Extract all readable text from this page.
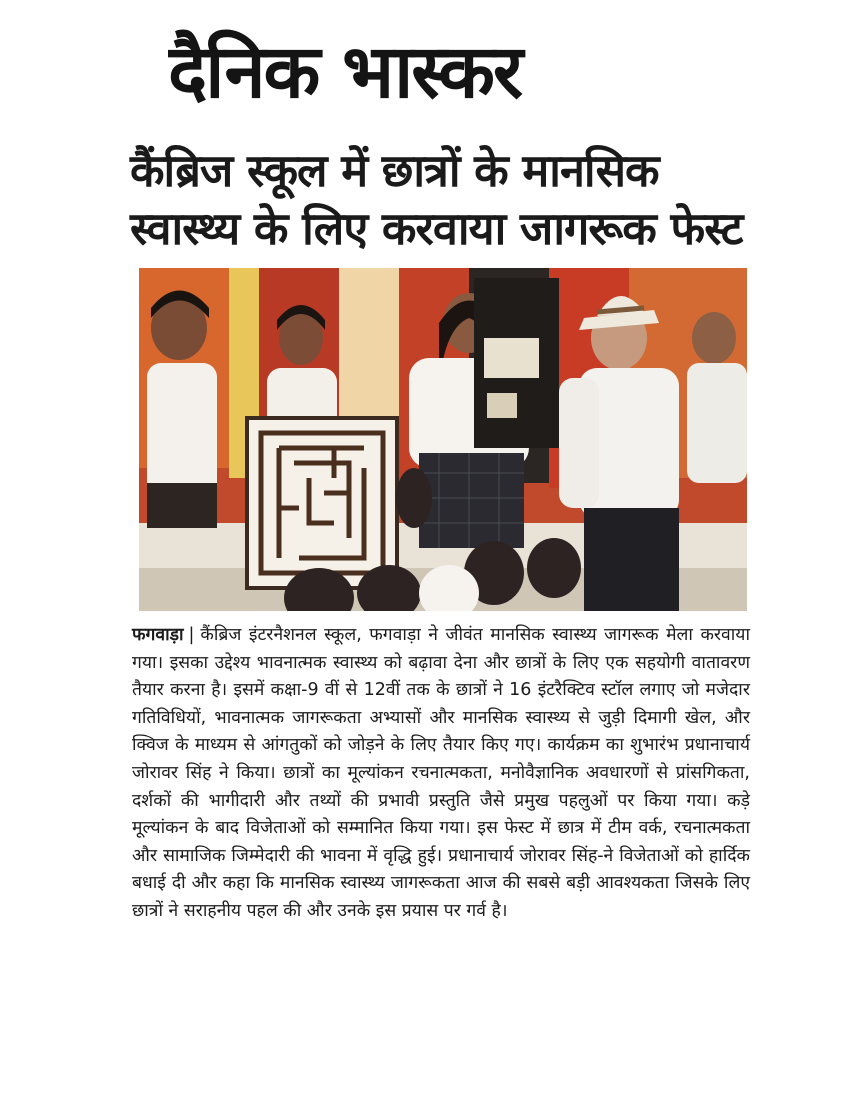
दैनिक भास्कर
कैंब्रिज स्कूल में छात्रों के मानसिक
स्वास्थ्य के लिए करवाया जागरूक फेस्ट
फगवाड़ा | कैंब्रिज इंटरनैशनल स्कूल, फगवाड़ा ने जीवंत मानसिक स्वास्थ्य जागरूक मेला करवाया गया। इसका उद्देश्य भावनात्मक स्वास्थ्य को बढ़ावा देना और छात्रों के लिए एक सहयोगी वातावरण तैयार करना है। इसमें कक्षा-9 वीं से 12वीं तक के छात्रों ने 16 इंटरैक्टिव स्टॉल लगाए जो मजेदार गतिविधियों, भावनात्मक जागरूकता अभ्यासों और मानसिक स्वास्थ्य से जुड़ी दिमागी खेल, और क्विज के माध्यम से आंगतुकों को जोड़ने के लिए तैयार किए गए। कार्यक्रम का शुभारंभ प्रधानाचार्य जोरावर सिंह ने किया। छात्रों का मूल्यांकन रचनात्मकता, मनोवैज्ञानिक अवधारणों से प्रांसगिकता, दर्शकों की भागीदारी और तथ्यों की प्रभावी प्रस्तुति जैसे प्रमुख पहलुओं पर किया गया। कड़े मूल्यांकन के बाद विजेताओं को सम्मानित किया गया। इस फेस्ट में छात्र में टीम वर्क, रचनात्मकता और सामाजिक जिम्मेदारी की भावना में वृद्धि हुई। प्रधानाचार्य जोरावर सिंह-ने विजेताओं को हार्दिक बधाई दी और कहा कि मानसिक स्वास्थ्य जागरूकता आज की सबसे बड़ी आवश्यकता जिसके लिए छात्रों ने सराहनीय पहल की और उनके इस प्रयास पर गर्व है।
